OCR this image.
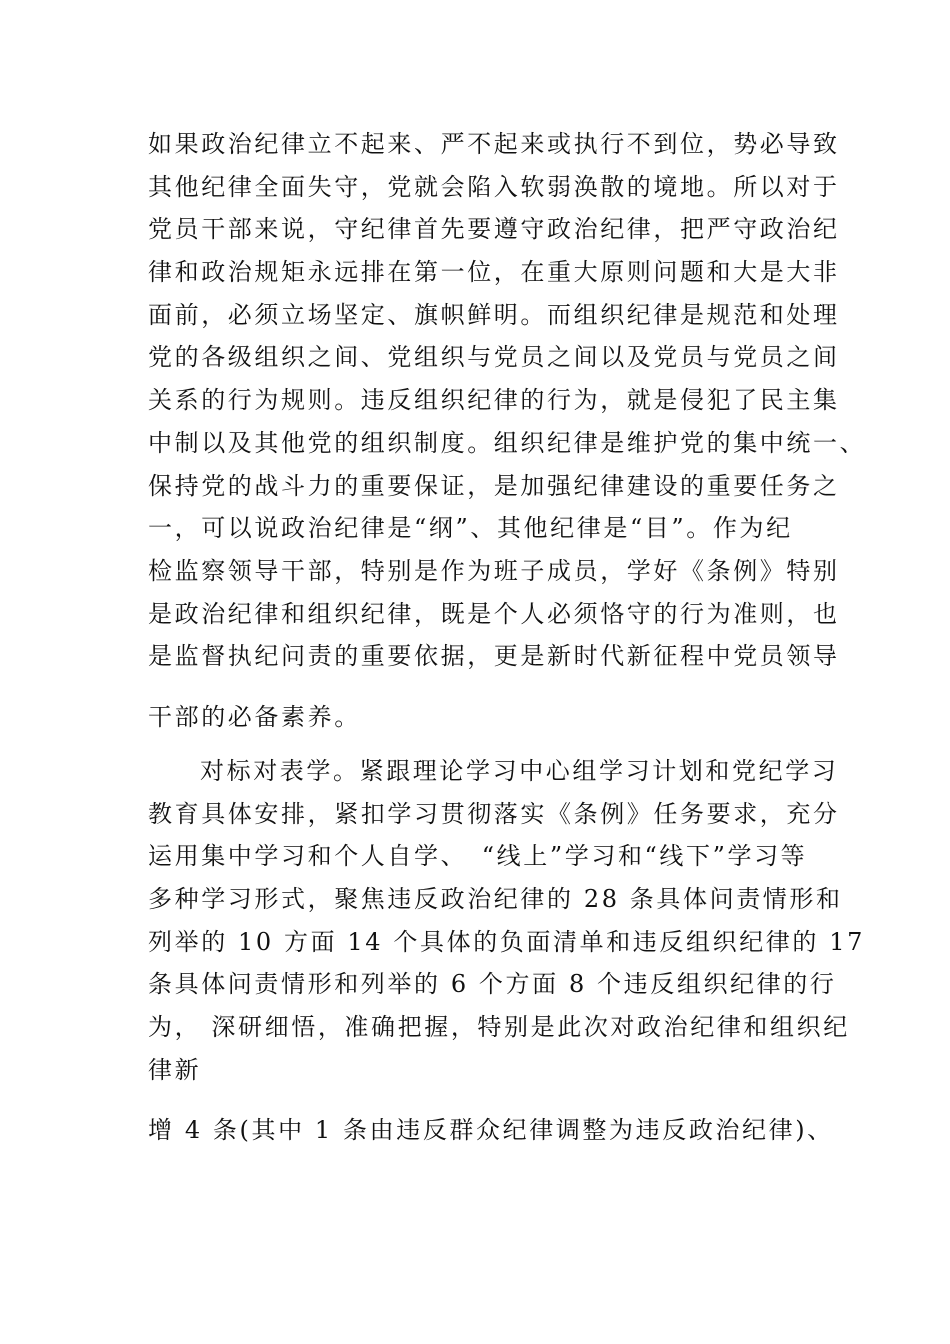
如果政治纪律立不起来、严不起来或执行不到位，势必导致
其他纪律全面失守，党就会陷入软弱涣散的境地。所以对于
党员干部来说，守纪律首先要遵守政治纪律，把严守政治纪
律和政治规矩永远排在第一位，在重大原则问题和大是大非
面前，必须立场坚定、旗帜鲜明。而组织纪律是规范和处理
党的各级组织之间、党组织与党员之间以及党员与党员之间
关系的行为规则。违反组织纪律的行为，就是侵犯了民主集
中制以及其他党的组织制度。组织纪律是维护党的集中统一、
保持党的战斗力的重要保证，是加强纪律建设的重要任务之
一，可以说政治纪律是“纲”、其他纪律是“目”。作为纪
检监察领导干部，特别是作为班子成员，学好《条例》特别
是政治纪律和组织纪律，既是个人必须恪守的行为准则，也
是监督执纪问责的重要依据，更是新时代新征程中党员领导
干部的必备素养。
对标对表学。紧跟理论学习中心组学习计划和党纪学习
教育具体安排，紧扣学习贯彻落实《条例》任务要求，充分
运用集中学习和个人自学、　“线上”学习和“线下”学习等
多种学习形式，聚焦违反政治纪律的 28 条具体问责情形和
列举的 10 方面 14 个具体的负面清单和违反组织纪律的 17
条具体问责情形和列举的 6 个方面 8 个违反组织纪律的行
为， 深研细悟，准确把握，特别是此次对政治纪律和组织纪
律新
增 4 条(其中 1 条由违反群众纪律调整为违反政治纪律)、
